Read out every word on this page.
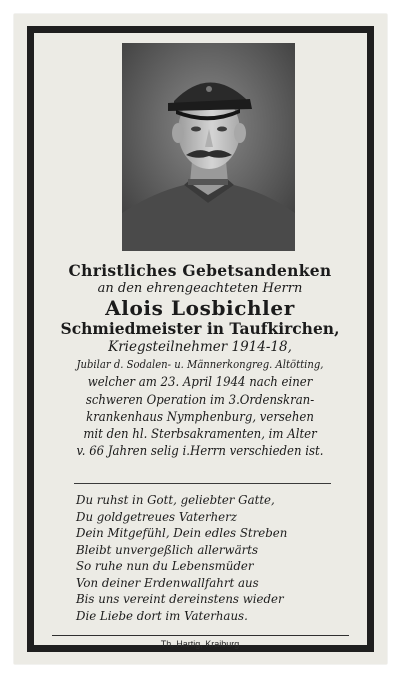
Christliches Gebetsandenken
an den ehrengeachteten Herrn
Alois Losbichler
Schmiedmeister in Taufkirchen,
Kriegsteilnehmer 1914-18,
Jubilar d. Sodalen- u. Männerkongreg. Altötting,
welcher am 23. April 1944 nach einer
schweren Operation im 3.Ordenskran-
krankenhaus Nymphenburg, versehen
mit den hl. Sterbsakramenten, im Alter
v. 66 Jahren selig i.Herrn verschieden ist.
Du ruhst in Gott, geliebter Gatte,
Du goldgetreues Vaterherz
Dein Mitgefühl, Dein edles Streben
Bleibt unvergeßlich allerwärts
So ruhe nun du Lebensmüder
Von deiner Erdenwallfahrt aus
Bis uns vereint dereinstens wieder
Die Liebe dort im Vaterhaus.
Th. Hartig, Kraiburg
